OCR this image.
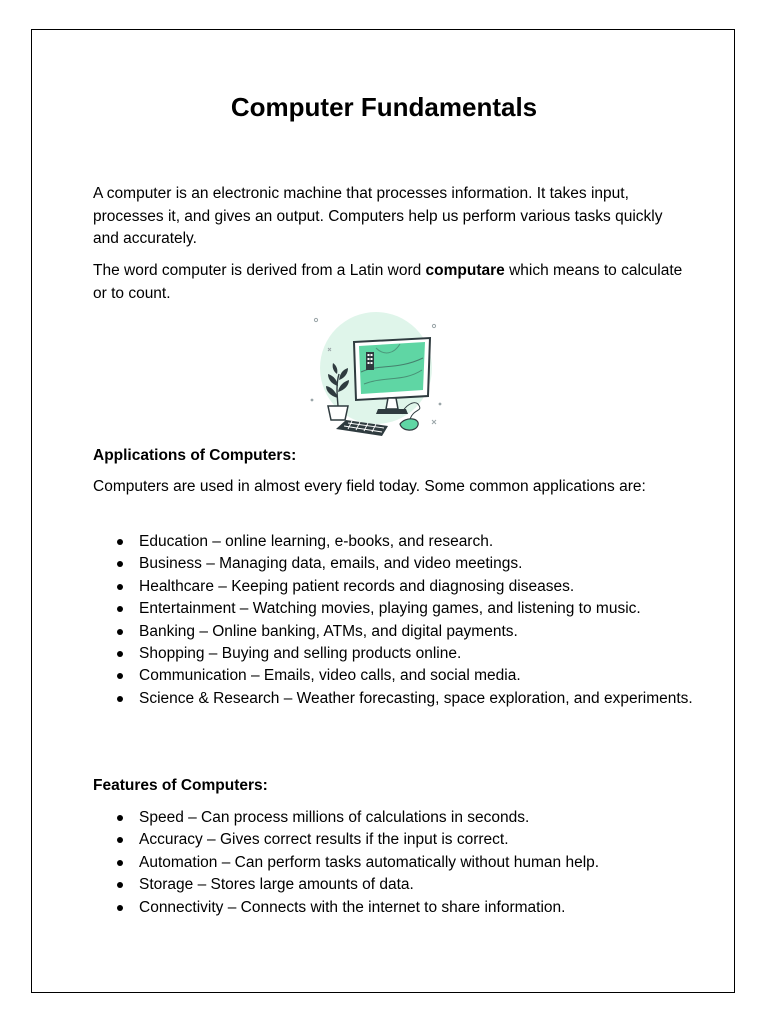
Computer Fundamentals

A computer is an electronic machine that processes information. It takes input, processes it, and gives an output. Computers help us perform various tasks quickly and accurately.

The word computer is derived from a Latin word computare which means to calculate or to count.

Applications of Computers:

Computers are used in almost every field today. Some common applications are:

Education – online learning, e-books, and research.
Business – Managing data, emails, and video meetings.
Healthcare – Keeping patient records and diagnosing diseases.
Entertainment – Watching movies, playing games, and listening to music.
Banking – Online banking, ATMs, and digital payments.
Shopping – Buying and selling products online.
Communication – Emails, video calls, and social media.
Science & Research – Weather forecasting, space exploration, and experiments.

Features of Computers:

Speed – Can process millions of calculations in seconds.
Accuracy – Gives correct results if the input is correct.
Automation – Can perform tasks automatically without human help.
Storage – Stores large amounts of data.
Connectivity – Connects with the internet to share information.
